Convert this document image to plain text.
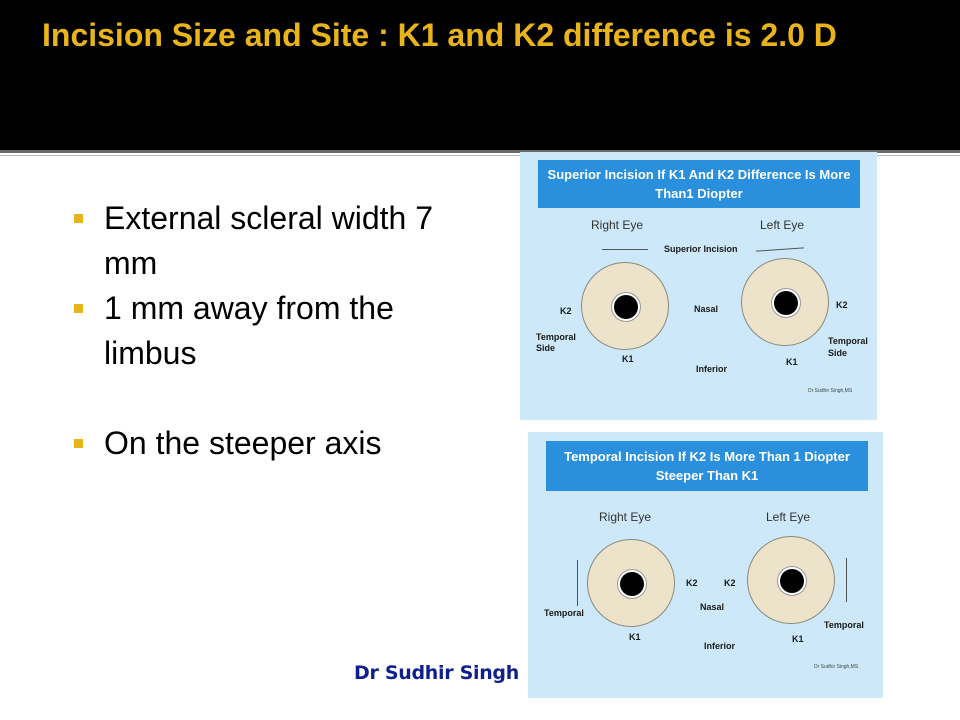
Incision Size and Site : K1 and K2 difference is 2.0 D
External scleral width 7 mm
1 mm away from the limbus
On the steeper axis
Superior Incision If K1 And K2 Difference Is More Than1 Diopter
Right Eye	Left Eye
Superior Incision
K2
K2
Nasal
Temporal
Side
Temporal
Side
K1	K1
Inferior
Dr Sudhir Singh,MS
Temporal Incision If K2 Is More Than 1 Diopter Steeper Than K1
Right Eye	Left Eye
K2	K2
Nasal
Temporal
Temporal
K1	K1
Inferior
Dr Sudhir Singh,MS
Dr Sudhir Singh
